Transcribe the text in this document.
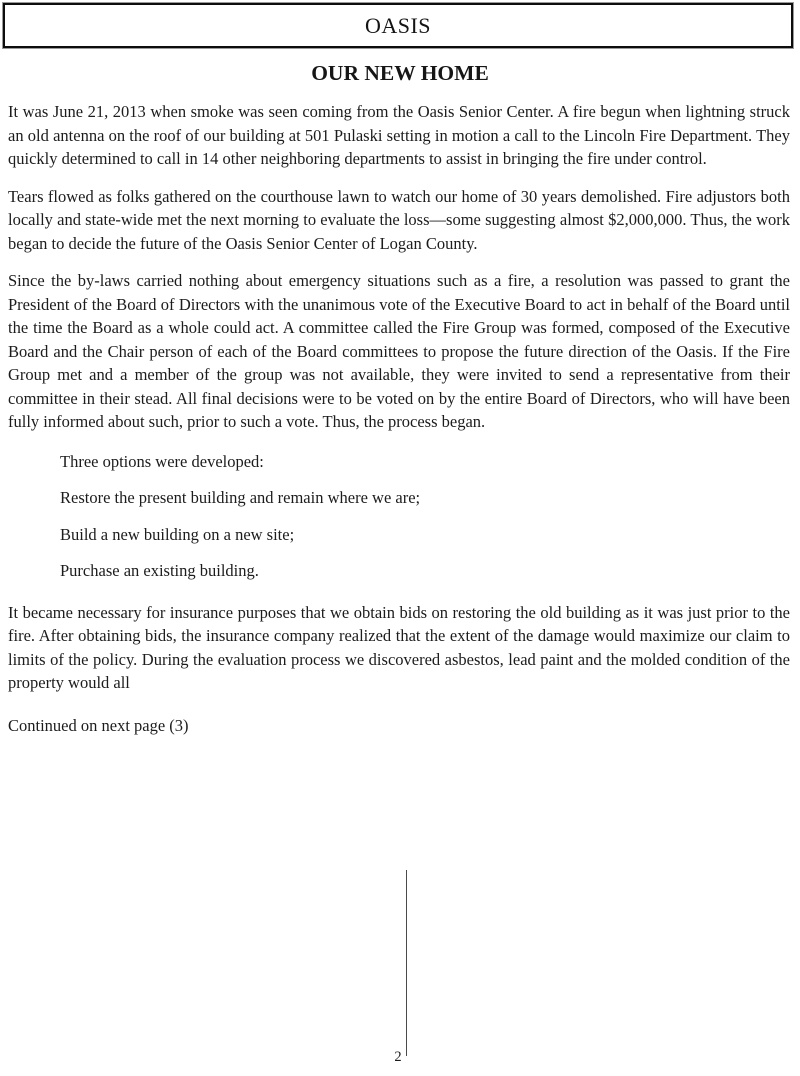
OASIS
OUR NEW HOME

It was June 21, 2013 when smoke was seen coming from the Oasis Senior Center. A fire begun when lightning struck an old antenna on the roof of our building at 501 Pulaski setting in motion a call to the Lincoln Fire Department. They quickly determined to call in 14 other neighboring departments to assist in bringing the fire under control.

Tears flowed as folks gathered on the courthouse lawn to watch our home of 30 years demolished. Fire adjustors both locally and state-wide met the next morning to evaluate the loss—some suggesting almost $2,000,000. Thus, the work began to decide the future of the Oasis Senior Center of Logan County.

Since the by-laws carried nothing about emergency situations such as a fire, a resolution was passed to grant the President of the Board of Directors with the unanimous vote of the Executive Board to act in behalf of the Board until the time the Board as a whole could act. A committee called the Fire Group was formed, composed of the Executive Board and the Chair person of each of the Board committees to propose the future direction of the Oasis. If the Fire Group met and a member of the group was not available, they were invited to send a representative from their committee in their stead. All final decisions were to be voted on by the entire Board of Directors, who will have been fully informed about such, prior to such a vote. Thus, the process began.

Three options were developed:

Restore the present building and remain where we are;

Build a new building on a new site;

Purchase an existing building.

It became necessary for insurance purposes that we obtain bids on restoring the old building as it was just prior to the fire. After obtaining bids, the insurance company realized that the extent of the damage would maximize our claim to limits of the policy. During the evaluation process we discovered asbestos, lead paint and the molded condition of the property would all

Continued on next page (3)

2
